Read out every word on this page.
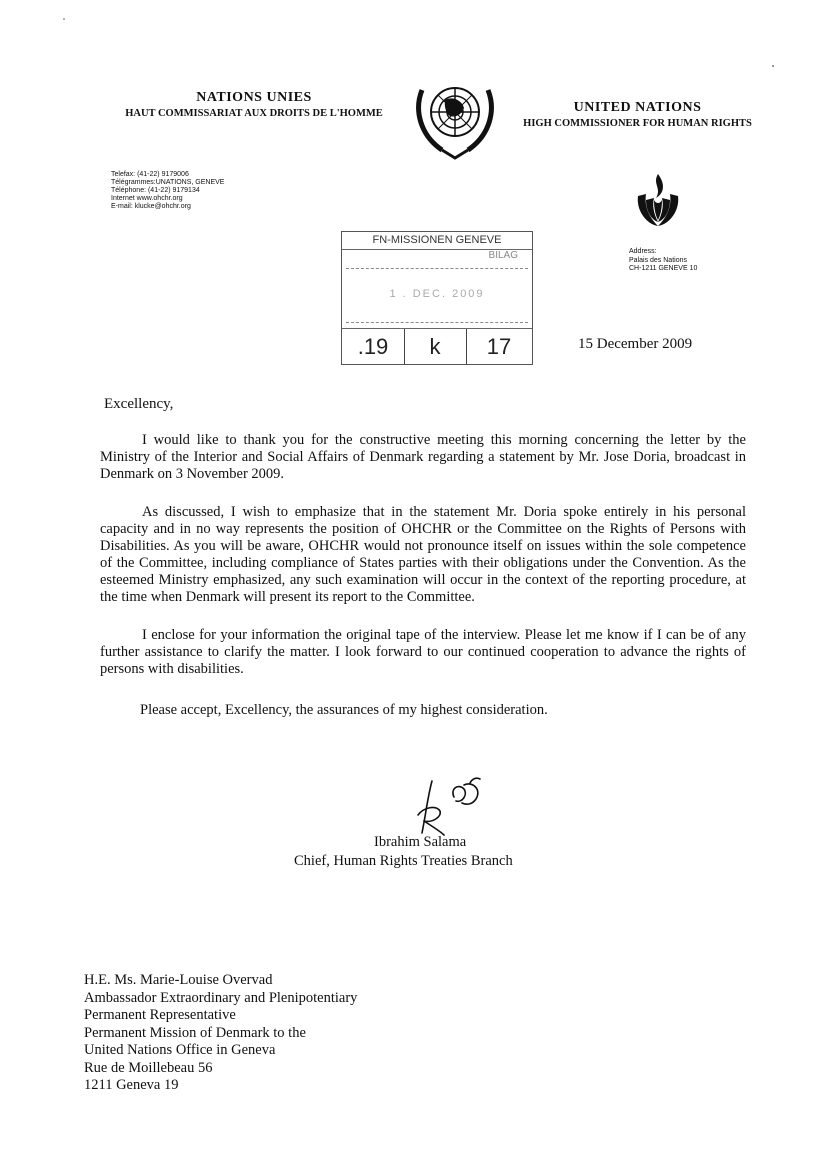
NATIONS UNIES
HAUT COMMISSARIAT AUX DROITS DE L'HOMME	UNITED NATIONS
HIGH COMMISSIONER FOR HUMAN RIGHTS
Telefax: (41-22) 9179006
Télégrammes:UNATIONS, GENEVE
Téléphone: (41-22) 9179134
Internet www.ohchr.org
E-mail: klucke@ohchr.org
Address:
Palais des Nations
CH-1211 GENEVE 10
FN-MISSIONEN GENEVE
BILAG
1 . DEC. 2009
.19	k	17	15 December 2009
Excellency,
I would like to thank you for the constructive meeting this morning concerning the letter by the Ministry of the Interior and Social Affairs of Denmark regarding a statement by Mr. Jose Doria, broadcast in Denmark on 3 November 2009.
As discussed, I wish to emphasize that in the statement Mr. Doria spoke entirely in his personal capacity and in no way represents the position of OHCHR or the Committee on the Rights of Persons with Disabilities. As you will be aware, OHCHR would not pronounce itself on issues within the sole competence of the Committee, including compliance of States parties with their obligations under the Convention. As the esteemed Ministry emphasized, any such examination will occur in the context of the reporting procedure, at the time when Denmark will present its report to the Committee.
I enclose for your information the original tape of the interview. Please let me know if I can be of any further assistance to clarify the matter. I look forward to our continued cooperation to advance the rights of persons with disabilities.
Please accept, Excellency, the assurances of my highest consideration.
Ibrahim Salama
Chief, Human Rights Treaties Branch
H.E. Ms. Marie-Louise Overvad
Ambassador Extraordinary and Plenipotentiary
Permanent Representative
Permanent Mission of Denmark to the
United Nations Office in Geneva
Rue de Moillebeau 56
1211 Geneva 19
